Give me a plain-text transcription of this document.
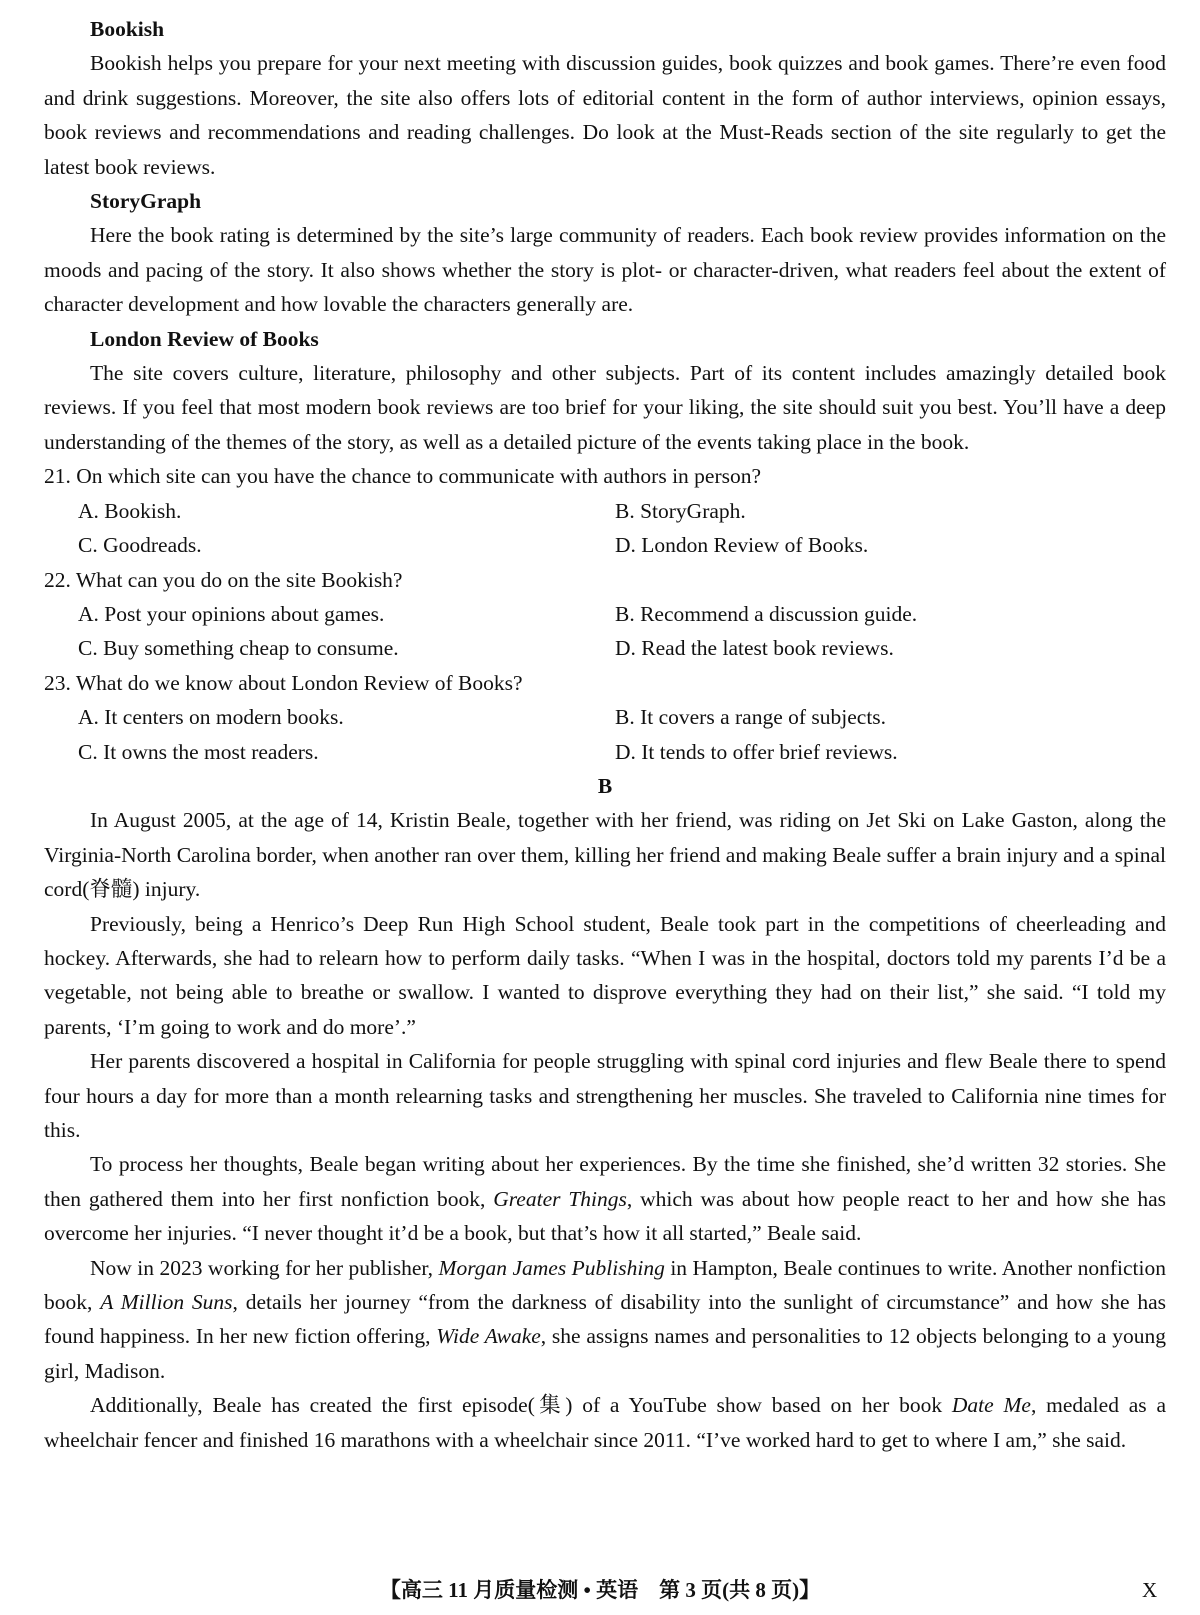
Bookish

Bookish helps you prepare for your next meeting with discussion guides, book quizzes and book games. There’re even food and drink suggestions. Moreover, the site also offers lots of editorial content in the form of author interviews, opinion essays, book reviews and recommendations and reading challenges. Do look at the Must-Reads section of the site regularly to get the latest book reviews.

StoryGraph

Here the book rating is determined by the site’s large community of readers. Each book review provides information on the moods and pacing of the story. It also shows whether the story is plot- or character-driven, what readers feel about the extent of character development and how lovable the characters generally are.

London Review of Books

The site covers culture, literature, philosophy and other subjects. Part of its content includes amazingly detailed book reviews. If you feel that most modern book reviews are too brief for your liking, the site should suit you best. You’ll have a deep understanding of the themes of the story, as well as a detailed picture of the events taking place in the book.

21. On which site can you have the chance to communicate with authors in person?

A. Bookish.	B. StoryGraph.

C. Goodreads.	D. London Review of Books.

22. What can you do on the site Bookish?

A. Post your opinions about games.	B. Recommend a discussion guide.

C. Buy something cheap to consume.	D. Read the latest book reviews.

23. What do we know about London Review of Books?

A. It centers on modern books.	B. It covers a range of subjects.

C. It owns the most readers.	D. It tends to offer brief reviews.

B

In August 2005, at the age of 14, Kristin Beale, together with her friend, was riding on Jet Ski on Lake Gaston, along the Virginia-North Carolina border, when another ran over them, killing her friend and making Beale suffer a brain injury and a spinal cord(脊髓) injury.

Previously, being a Henrico’s Deep Run High School student, Beale took part in the competitions of cheerleading and hockey. Afterwards, she had to relearn how to perform daily tasks. “When I was in the hospital, doctors told my parents I’d be a vegetable, not being able to breathe or swallow. I wanted to disprove everything they had on their list,” she said. “I told my parents, ‘I’m going to work and do more’.”

Her parents discovered a hospital in California for people struggling with spinal cord injuries and flew Beale there to spend four hours a day for more than a month relearning tasks and strengthening her muscles. She traveled to California nine times for this.

To process her thoughts, Beale began writing about her experiences. By the time she finished, she’d written 32 stories. She then gathered them into her first nonfiction book, Greater Things, which was about how people react to her and how she has overcome her injuries. “I never thought it’d be a book, but that’s how it all started,” Beale said.

Now in 2023 working for her publisher, Morgan James Publishing in Hampton, Beale continues to write. Another nonfiction book, A Million Suns, details her journey “from the darkness of disability into the sunlight of circumstance” and how she has found happiness. In her new fiction offering, Wide Awake, she assigns names and personalities to 12 objects belonging to a young girl, Madison.

Additionally, Beale has created the first episode(集) of a YouTube show based on her book Date Me, medaled as a wheelchair fencer and finished 16 marathons with a wheelchair since 2011. “I’ve worked hard to get to where I am,” she said.

【高三 11 月质量检测 • 英语　第 3 页(共 8 页)】	X
